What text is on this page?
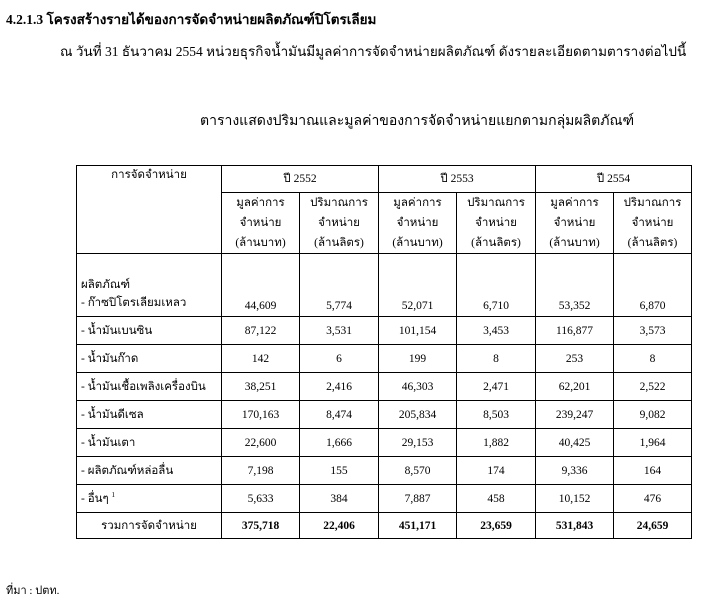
4.2.1.3 โครงสร้างรายได้ของการจัดจำหน่ายผลิตภัณฑ์ปิโตรเลียม
ณ วันที่ 31 ธันวาคม 2554 หน่วยธุรกิจน้ำมันมีมูลค่าการจัดจำหน่ายผลิตภัณฑ์ ดังรายละเอียดตามตารางต่อไปนี้
ตารางแสดงปริมาณและมูลค่าของการจัดจำหน่ายแยกตามกลุ่มผลิตภัณฑ์
การจัดจำหน่าย	ปี 2552		ปี 2553		ปี 2554	
	มูลค่าการ
จำหน่าย
(ล้านบาท)	ปริมาณการ
จำหน่าย
(ล้านลิตร)	มูลค่าการ
จำหน่าย
(ล้านบาท)	ปริมาณการ
จำหน่าย
(ล้านลิตร)	มูลค่าการ
จำหน่าย
(ล้านบาท)	ปริมาณการ
จำหน่าย
(ล้านลิตร)
ผลิตภัณฑ์
- ก๊าซปิโตรเลียมเหลว	44,609	5,774	52,071	6,710	53,352	6,870
- น้ำมันเบนซิน	87,122	3,531	101,154	3,453	116,877	3,573
- น้ำมันก๊าด	142	6	199	8	253	8
- น้ำมันเชื้อเพลิงเครื่องบิน	38,251	2,416	46,303	2,471	62,201	2,522
- น้ำมันดีเซล	170,163	8,474	205,834	8,503	239,247	9,082
- น้ำมันเตา	22,600	1,666	29,153	1,882	40,425	1,964
- ผลิตภัณฑ์หล่อลื่น	7,198	155	8,570	174	9,336	164
- อื่นๆ $^1$	5,633	384	7,887	458	10,152	476
รวมการจัดจำหน่าย	375,718	22,406	451,171	23,659	531,843	24,659
ที่มา : ปตท.
